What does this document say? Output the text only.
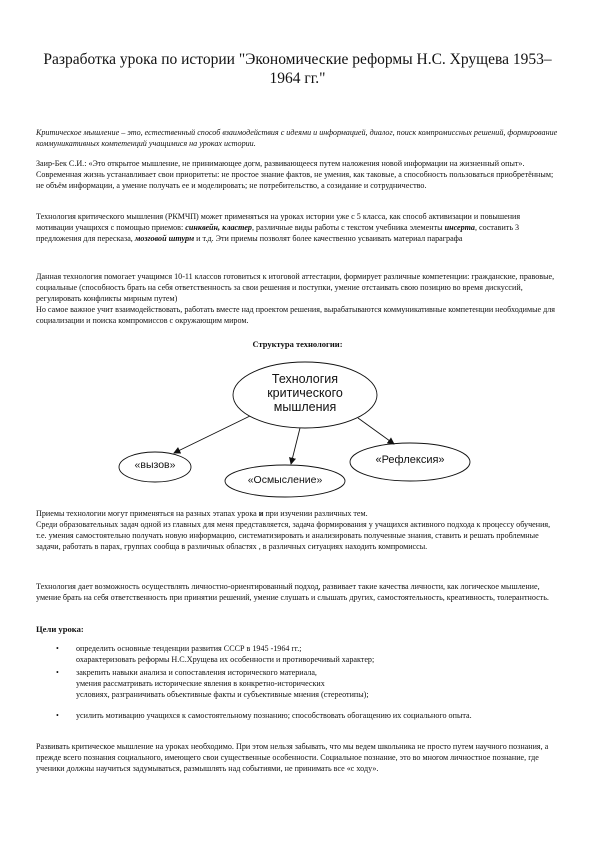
Разработка урока по истории "Экономические реформы Н.С. Хрущева 1953–1964 гг."
Критическое мышление – это, естественный способ взаимодействия с идеями и информацией, диалог, поиск компромиссных решений, формирование коммуникативных компетенций учащимися на уроках истории.
Заир-Бек С.И.: «Это открытое мышление, не принимающее догм, развивающееся путем наложения новой информации на жизненный опыт». Современная жизнь устанавливает свои приоритеты: не простое знание фактов, не умения, как таковые, а способность пользоваться приобретённым; не объём информации, а умение получать ее и моделировать; не потребительство, а созидание и сотрудничество.
Технология критического мышления (РКМЧП) может применяться на уроках истории уже с 5 класса, как способ активизации и повышения мотивации учащихся с помощью приемов: синквейн, кластер, различные виды работы с текстом учебника элементы инсерта, составить 3 предложения для пересказа, мозговой штурм и т.д. Эти приемы позволят более качественно усваивать материал параграфа
Данная технология помогает учащимся 10-11 классов готовиться к итоговой аттестации, формирует различные компетенции: гражданские, правовые, социальные (способность брать на себя ответственность за свои решения и поступки, умение отстаивать свою позицию во время дискуссий, регулировать конфликты мирным путем)
Но самое важное учит взаимодействовать, работать вместе над проектом решения, вырабатываются коммуникативные компетенции необходимые для социализации и поиска компромиссов с окружающим миром.
Структура технологии:
Технология
критического
мышления
«вызов»	«Рефлексия»
«Осмысление»
Приемы технологии могут применяться на разных этапах урока и при изучении различных тем.
Среди образовательных задач одной из главных для меня представляется, задача формирования у учащихся активного подхода к процессу обучения, т.е. умения самостоятельно получать новую информацию, систематизировать и анализировать полученные знания, ставить и решать проблемные задачи, работать в парах, группах сообща в различных областях , в различных ситуациях находить компромиссы.
Технология дает возможность осуществлять личностно-ориентированный подход, развивает такие качества личности, как логическое мышление, умение брать на себя ответственность при принятии решений, умение слушать и слышать других, самостоятельность, креативность, толерантность.
Цели урока:
• определить основные тенденции развития СССР в 1945 -1964 гг.;
охарактеризовать реформы Н.С.Хрущева их особенности и противоречивый характер;
• закрепить навыки анализа и сопоставления исторического материала,
умения рассматривать исторические явления в конкретно-исторических
условиях, разграничивать объективные факты и субъективные мнения (стереотипы);
• усилить мотивацию учащихся к самостоятельному познанию; способствовать обогащению их социального опыта.
Развивать критическое мышление на уроках необходимо. При этом нельзя забывать, что мы ведем школьника не просто путем научного познания, а прежде всего познания социального, имеющего свои существенные особенности. Социальное познание, это во многом личностное познание, где ученики должны научиться задумываться, размышлять над событиями, не принимать все «с ходу».
